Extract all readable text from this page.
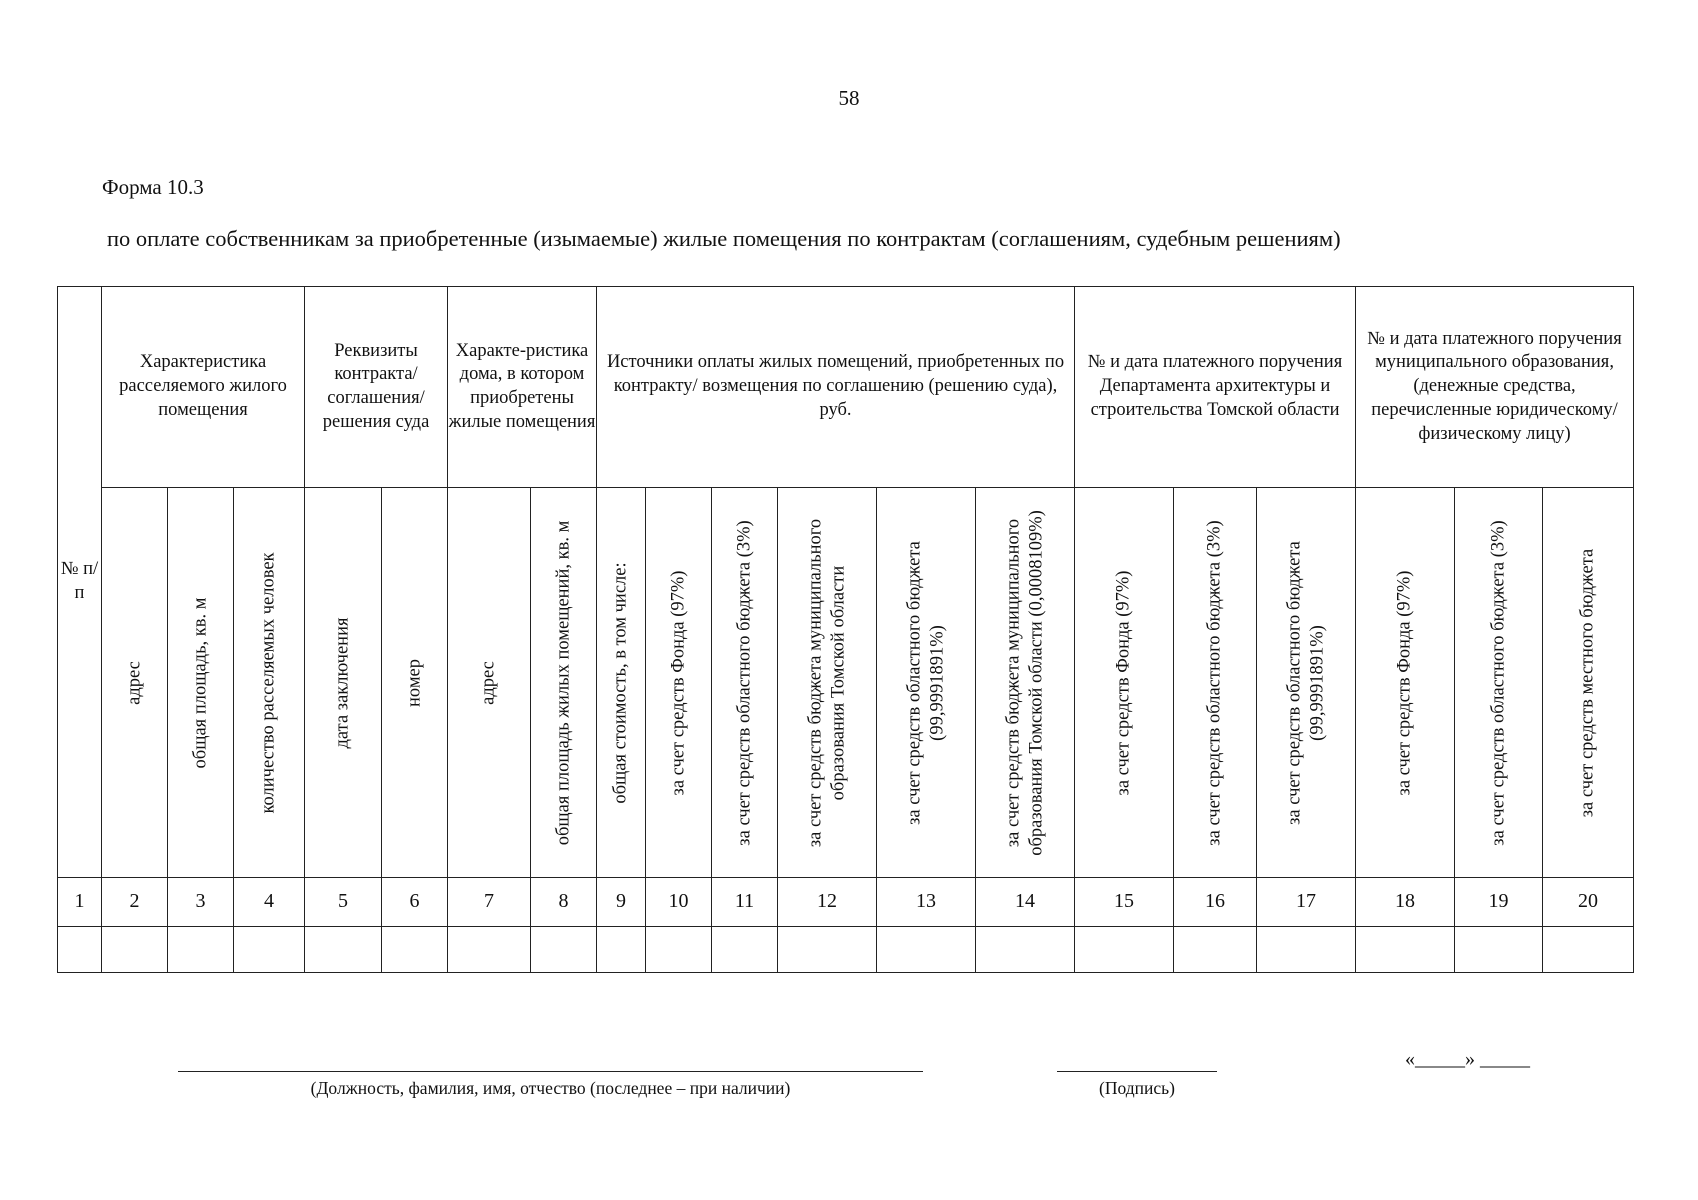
58
Форма 10.3
по оплате собственникам за приобретенные (изымаемые) жилые помещения по контрактам (соглашениям, судебным решениям)
№ п/п	Характеристика расселяемого жилого помещения			Реквизиты контракта/ соглашения/ решения суда		Характе-ристика дома, в котором приобретены жилые помещения		Источники оплаты жилых помещений, приобретенных по контракту/ возмещения по соглашению (решению суда), руб.						№ и дата платежного поручения Департамента архитектуры и строительства Томской области			№ и дата платежного поручения муниципального образования, (денежные средства, перечисленные юридическому/ физическому лицу)		

	адрес	общая площадь, кв. м	количество расселяемых человек	дата заключения	номер	адрес	общая площадь жилых помещений, кв. м	общая стоимость, в том числе:	за счет средств Фонда (97%)	за счет средств областного бюджета (3%)	за счет средств бюджета муниципального образования Томской области	за счет средств областного бюджета (99,9991891%)	за счет средств бюджета муниципального образования Томской области (0,0008109%)	за счет средств Фонда (97%)	за счет средств областного бюджета (3%)	за счет средств областного бюджета (99,9991891%)	за счет средств Фонда (97%)	за счет средств областного бюджета (3%)	за счет средств местного бюджета

1	2	3	4	5	6	7	8	9	10	11	12	13	14	15	16	17	18	19	20

(Должность, фамилия, имя, отчество (последнее – при наличии)	(Подпись)
«_____» _____
